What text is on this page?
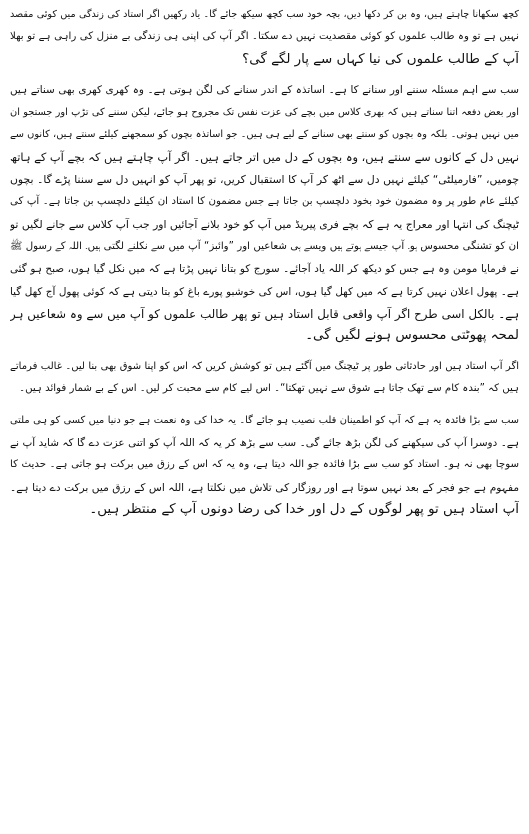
کچھ سکھانا چاہتے ہیں، وہ بن کر دکھا دیں، بچہ خود سب کچھ سیکھ جائے گا۔ یاد رکھیں اگر استاد کی زندگی میں کوئی مقصد
نہیں ہے تو وہ طالب علموں کو کوئی مقصدیت نہیں دے سکتا۔ اگر آپ کی اپنی ہی زندگی بے منزل کی راہی ہے تو بھلا
آپ کے طالب علموں کی نیا کہاں سے پار لگے گی؟
سب سے اہم مسئلہ سننے اور سنانے کا ہے۔ اساتذہ کے اندر سنانے کی لگن ہوتی ہے۔ وہ کھری کھری بھی سناتے ہیں
اور بعض دفعہ اتنا سناتے ہیں کہ بھری کلاس میں بچے کی عزت نفس تک مجروح ہو جائے، لیکن سننے کی تڑپ اور جستجو ان
میں نہیں ہوتی۔ بلکہ وہ بچوں کو سنتے بھی سنانے کے لیے ہی ہیں۔ جو اساتذہ بچوں کو سمجھنے کیلئے سنتے ہیں، کانوں سے
نہیں دل کے کانوں سے سنتے ہیں، وہ بچوں کے دل میں اتر جاتے ہیں۔ اگر آپ چاہتے ہیں کہ بچے آپ کے ہاتھ
چومیں، ”فارمیلٹی“ کیلئے نہیں دل سے اٹھ کر آپ کا استقبال کریں، تو پھر آپ کو انہیں دل سے سننا پڑے گا۔ بچوں
کیلئے عام طور پر وہ مضمون خود بخود دلچسپ بن جاتا ہے جس مضمون کا استاد ان کیلئے دلچسپ بن جاتا ہے۔ آپ کی
ٹیچنگ کی انتہا اور معراج یہ ہے کہ بچے فری پیریڈ میں آپ کو خود بلانے آجائیں اور جب آپ کلاس سے جانے لگیں تو
ان کو تشنگی محسوس ہو۔ آپ جیسے ہوتے ہیں ویسے ہی شعاعیں اور ”وائبز“ آپ میں سے نکلنے لگتی ہیں۔ اللہ کے رسول ﷺ
نے فرمایا مومن وہ ہے جس کو دیکھ کر اللہ یاد آجائے۔ سورج کو بتانا نہیں پڑتا ہے کہ میں نکل گیا ہوں، صبح ہو گئی
ہے۔ پھول اعلان نہیں کرتا ہے کہ میں کھل گیا ہوں، اس کی خوشبو پورے باغ کو بتا دیتی ہے کہ کوئی پھول آج کھل گیا
ہے۔ بالکل اسی طرح اگر آپ واقعی قابل استاد ہیں تو پھر طالب علموں کو آپ میں سے وہ شعاعیں ہر
لمحہ پھوٹتی محسوس ہونے لگیں گی۔
اگر آپ استاد ہیں اور حادثاتی طور پر ٹیچنگ میں آگئے ہیں تو کوشش کریں کہ اس کو اپنا شوق بھی بنا لیں۔ غالب فرماتے
ہیں کہ ”بندہ کام سے تھک جاتا ہے شوق سے نہیں تھکتا“۔ اس لیے کام سے محبت کر لیں۔ اس کے بے شمار فوائد ہیں۔
سب سے بڑا فائدہ یہ ہے کہ آپ کو اطمینان قلب نصیب ہو جائے گا۔ یہ خدا کی وہ نعمت ہے جو دنیا میں کسی کو ہی ملتی
ہے۔ دوسرا آپ کی سیکھنے کی لگن بڑھ جائے گی۔ سب سے بڑھ کر یہ کہ اللہ آپ کو اتنی عزت دے گا کہ شاید آپ نے
سوچا بھی نہ ہو۔ استاد کو سب سے بڑا فائدہ جو اللہ دیتا ہے، وہ یہ کہ اس کے رزق میں برکت ہو جاتی ہے۔ حدیث کا
مفہوم ہے جو فجر کے بعد نہیں سوتا ہے اور روزگار کی تلاش میں نکلتا ہے، اللہ اس کے رزق میں برکت دے دیتا ہے۔
آپ استاد ہیں تو پھر لوگوں کے دل اور خدا کی رضا دونوں آپ کے منتظر ہیں۔
